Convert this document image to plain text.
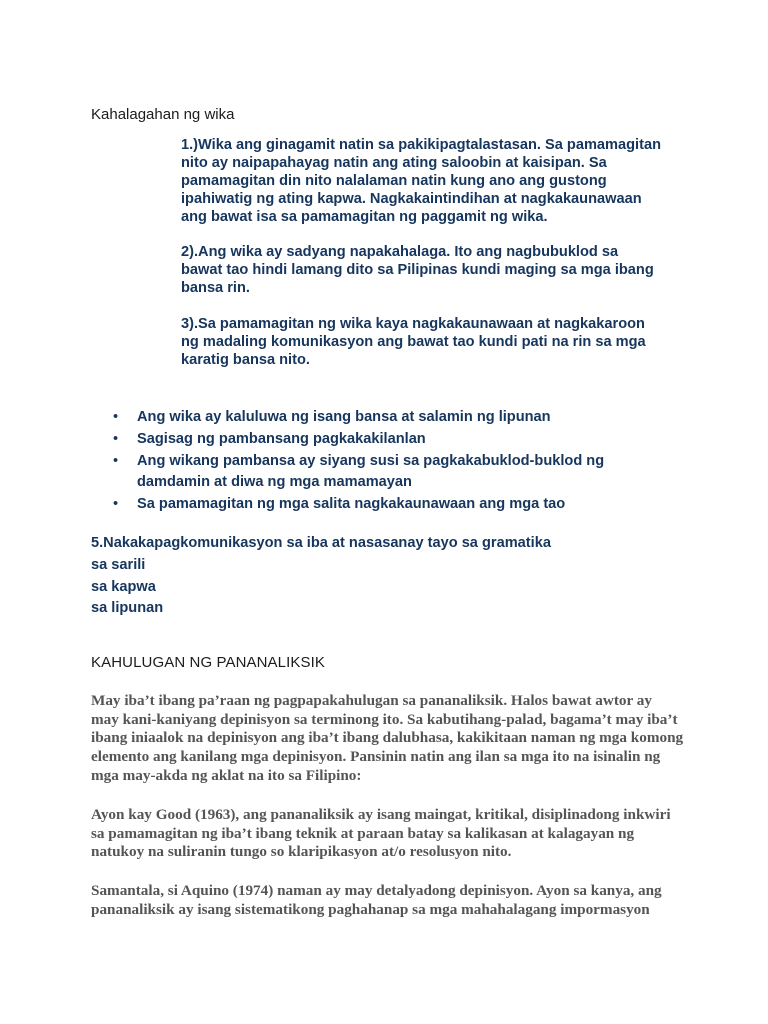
Kahalagahan ng wika
1.)Wika ang ginagamit natin sa pakikipagtalastasan. Sa pamamagitan
nito ay naipapahayag natin ang ating saloobin at kaisipan. Sa
pamamagitan din nito nalalaman natin kung ano ang gustong
ipahiwatig ng ating kapwa. Nagkakaintindihan at nagkakaunawaan
ang bawat isa sa pamamagitan ng paggamit ng wika.
2).Ang wika ay sadyang napakahalaga. Ito ang nagbubuklod sa
bawat tao hindi lamang dito sa Pilipinas kundi maging sa mga ibang
bansa rin.
3).Sa pamamagitan ng wika kaya nagkakaunawaan at nagkakaroon
ng madaling komunikasyon ang bawat tao kundi pati na rin sa mga
karatig bansa nito.
• Ang wika ay kaluluwa ng isang bansa at salamin ng lipunan
• Sagisag ng pambansang pagkakakilanlan
• Ang wikang pambansa ay siyang susi sa pagkakabuklod-buklod ng
damdamin at diwa ng mga mamamayan
• Sa pamamagitan ng mga salita nagkakaunawaan ang mga tao
5.Nakakapagkomunikasyon sa iba at nasasanay tayo sa gramatika
sa sarili
sa kapwa
sa lipunan
KAHULUGAN NG PANANALIKSIK
May iba’t ibang pa’raan ng pagpapakahulugan sa pananaliksik. Halos bawat awtor ay
may kani-kaniyang depinisyon sa terminong ito. Sa kabutihang-palad, bagama’t may iba’t
ibang iniaalok na depinisyon ang iba’t ibang dalubhasa, kakikitaan naman ng mga komong
elemento ang kanilang mga depinisyon. Pansinin natin ang ilan sa mga ito na isinalin ng
mga may-akda ng aklat na ito sa Filipino:
Ayon kay Good (1963), ang pananaliksik ay isang maingat, kritikal, disiplinadong inkwiri
sa pamamagitan ng iba’t ibang teknik at paraan batay sa kalikasan at kalagayan ng
natukoy na suliranin tungo so klaripikasyon at/o resolusyon nito.
Samantala, si Aquino (1974) naman ay may detalyadong depinisyon. Ayon sa kanya, ang
pananaliksik ay isang sistematikong paghahanap sa mga mahahalagang impormasyon
